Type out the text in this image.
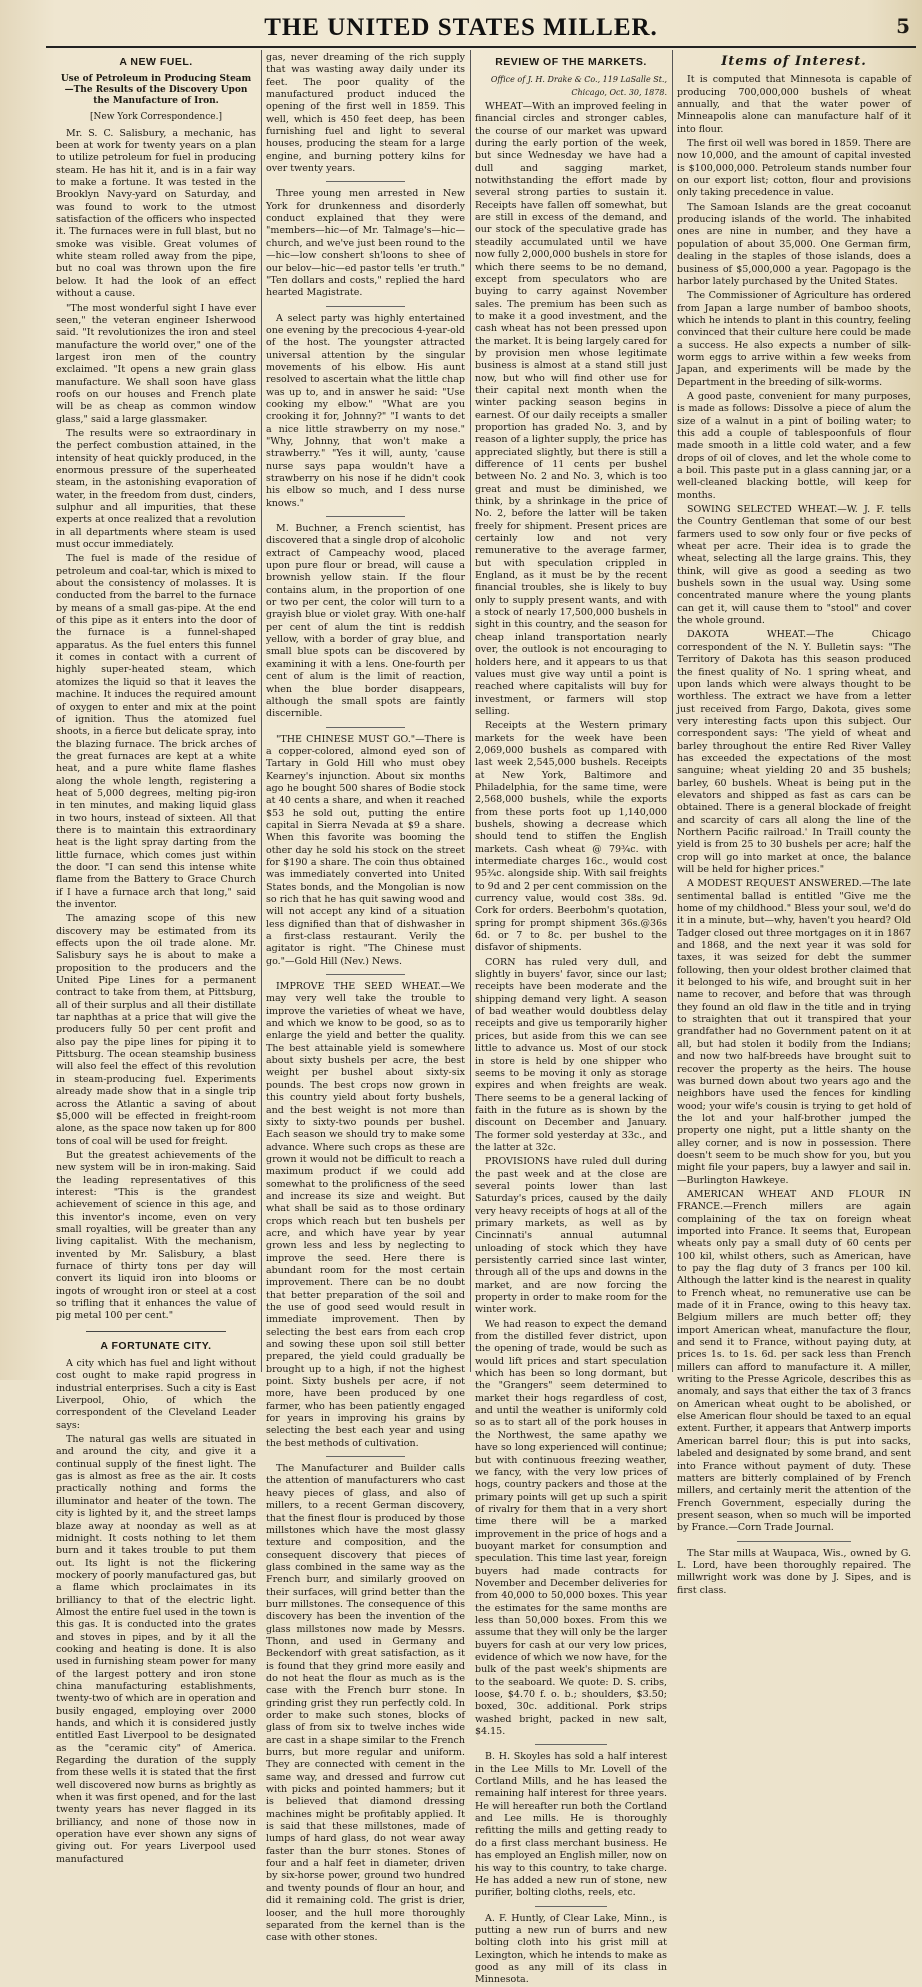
THE UNITED STATES MILLER.	5
A NEW FUEL.
Use of Petroleum in Producing Steam—The Results of the Discovery Upon the Manufacture of Iron.
[New York Correspondence.]

Mr. S. C. Salisbury, a mechanic, has been at work for twenty years on a plan to utilize petroleum for fuel in producing steam. He has hit it, and is in a fair way to make a fortune. It was tested in the Brooklyn Navy-yard on Saturday, and was found to work to the utmost satisfaction of the officers who inspected it. The furnaces were in full blast, but no smoke was visible. Great volumes of white steam rolled away from the pipe, but no coal was thrown upon the fire below. It had the look of an effect without a cause.

"The most wonderful sight I have ever seen," the veteran engineer Isherwood said. "It revolutionizes the iron and steel manufacture the world over," one of the largest iron men of the country exclaimed. "It opens a new grain glass manufacture. We shall soon have glass roofs on our houses and French plate will be as cheap as common window glass," said a large glassmaker.

The results were so extraordinary in the perfect combustion attained, in the intensity of heat quickly produced, in the enormous pressure of the superheated steam, in the astonishing evaporation of water, in the freedom from dust, cinders, sulphur and all impurities, that these experts at once realized that a revolution in all departments where steam is used must occur immediately.

The fuel is made of the residue of petroleum and coal-tar, which is mixed to about the consistency of molasses. It is conducted from the barrel to the furnace by means of a small gas-pipe. At the end of this pipe as it enters into the door of the furnace is a funnel-shaped apparatus. As the fuel enters this funnel it comes in contact with a current of highly super-heated steam, which atomizes the liquid so that it leaves the machine. It induces the required amount of oxygen to enter and mix at the point of ignition. Thus the atomized fuel shoots, in a fierce but delicate spray, into the blazing furnace. The brick arches of the great furnaces are kept at a white heat, and a pure white flame flashes along the whole length, registering a heat of 5,000 degrees, melting pig-iron in ten minutes, and making liquid glass in two hours, instead of sixteen. All that there is to maintain this extraordinary heat is the light spray darting from the little furnace, which comes just within the door. "I can send this intense white flame from the Battery to Grace Church if I have a furnace arch that long," said the inventor.

The amazing scope of this new discovery may be estimated from its effects upon the oil trade alone. Mr. Salisbury says he is about to make a proposition to the producers and the United Pipe Lines for a permanent contract to take from them, at Pittsburg, all of their surplus and all their distillate tar naphthas at a price that will give the producers fully 50 per cent profit and also pay the pipe lines for piping it to Pittsburg. The ocean steamship business will also feel the effect of this revolution in steam-producing fuel. Experiments already made show that in a single trip across the Atlantic a saving of about $5,000 will be effected in freight-room alone, as the space now taken up for 800 tons of coal will be used for freight.

But the greatest achievements of the new system will be in iron-making. Said the leading representatives of this interest: "This is the grandest achievement of science in this age, and this inventor's income, even on very small royalties, will be greater than any living capitalist. With the mechanism, invented by Mr. Salisbury, a blast furnace of thirty tons per day will convert its liquid iron into blooms or ingots of wrought iron or steel at a cost so trifling that it enhances the value of pig metal 100 per cent."

A FORTUNATE CITY.

A city which has fuel and light without cost ought to make rapid progress in industrial enterprises. Such a city is East Liverpool, Ohio, of which the correspondent of the Cleveland Leader says:

The natural gas wells are situated in and around the city, and give it a continual supply of the finest light. The gas is almost as free as the air. It costs practically nothing and forms the illuminator and heater of the town. The city is lighted by it, and the street lamps blaze away at noonday as well as at midnight. It costs nothing to let them burn and it takes trouble to put them out. Its light is not the flickering mockery of poorly manufactured gas, but a flame which proclaimates in its brilliancy to that of the electric light. Almost the entire fuel used in the town is this gas. It is conducted into the grates and stoves in pipes, and by it all the cooking and heating is done. It is also used in furnishing steam power for many of the largest pottery and iron stone china manufacturing establishments, twenty-two of which are in operation and busily engaged, employing over 2000 hands, and which it is considered justly entitled East Liverpool to be designated as the "ceramic city" of America. Regarding the duration of the supply from these wells it is stated that the first well discovered now burns as brightly as when it was first opened, and for the last twenty years has never flagged in its brilliancy, and none of those now in operation have ever shown any signs of giving out. For years Liverpool used manufactured

gas, never dreaming of the rich supply that was wasting away daily under its feet. The poor quality of the manufactured product induced the opening of the first well in 1859. This well, which is 450 feet deep, has been furnishing fuel and light to several houses, producing the steam for a large engine, and burning pottery kilns for over twenty years.

Three young men arrested in New York for drunkenness and disorderly conduct explained that they were "members—hic—of Mr. Talmage's—hic—church, and we've just been round to the—hic—low conshert sh'loons to shee of our belov—hic—ed pastor tells 'er truth." "Ten dollars and costs," replied the hard hearted Magistrate.

A select party was highly entertained one evening by the precocious 4-year-old of the host. The youngster attracted universal attention by the singular movements of his elbow. His aunt resolved to ascertain what the little chap was up to, and in answer he said: "Use cooking my elbow." "What are you crooking it for, Johnny?" "I wants to det a nice little strawberry on my nose." "Why, Johnny, that won't make a strawberry." "Yes it will, aunty, 'cause nurse says papa wouldn't have a strawberry on his nose if he didn't cook his elbow so much, and I dess nurse knows."

M. Buchner, a French scientist, has discovered that a single drop of alcoholic extract of Campeachy wood, placed upon pure flour or bread, will cause a brownish yellow stain. If the flour contains alum, in the proportion of one or two per cent, the color will turn to a grayish blue or violet gray. With one-half per cent of alum the tint is reddish yellow, with a border of gray blue, and small blue spots can be discovered by examining it with a lens. One-fourth per cent of alum is the limit of reaction, when the blue border disappears, although the small spots are faintly discernible.

"THE CHINESE MUST GO."—There is a copper-colored, almond eyed son of Tartary in Gold Hill who must obey Kearney's injunction. About six months ago he bought 500 shares of Bodie stock at 40 cents a share, and when it reached $53 he sold out, putting the entire capital in Sierra Nevada at $9 a share. When this favorite was booming the other day he sold his stock on the street for $190 a share. The coin thus obtained was immediately converted into United States bonds, and the Mongolian is now so rich that he has quit sawing wood and will not accept any kind of a situation less dignified than that of dishwasher in a first-class restaurant. Verily the agitator is right. "The Chinese must go."—Gold Hill (Nev.) News.

IMPROVE THE SEED WHEAT.—We may very well take the trouble to improve the varieties of wheat we have, and which we know to be good, so as to enlarge the yield and better the quality. The best attainable yield is somewhere about sixty bushels per acre, the best weight per bushel about sixty-six pounds. The best crops now grown in this country yield about forty bushels, and the best weight is not more than sixty to sixty-two pounds per bushel. Each season we should try to make some advance. Where such crops as these are grown it would not be difficult to reach a maximum product if we could add somewhat to the prolificness of the seed and increase its size and weight. But what shall be said as to those ordinary crops which reach but ten bushels per acre, and which have year by year grown less and less by neglecting to improve the seed. Here there is abundant room for the most certain improvement. There can be no doubt that better preparation of the soil and the use of good seed would result in immediate improvement. Then by selecting the best ears from each crop and sowing these upon soil still better prepared, the yield could gradually be brought up to a high, if not the highest point. Sixty bushels per acre, if not more, have been produced by one farmer, who has been patiently engaged for years in improving his grains by selecting the best each year and using the best methods of cultivation.

The Manufacturer and Builder calls the attention of manufacturers who cast heavy pieces of glass, and also of millers, to a recent German discovery, that the finest flour is produced by those millstones which have the most glassy texture and composition, and the consequent discovery that pieces of glass combined in the same way as the French burr, and similarly grooved on their surfaces, will grind better than the burr millstones. The consequence of this discovery has been the invention of the glass millstones now made by Messrs. Thonn, and used in Germany and Beckendorf with great satisfaction, as it is found that they grind more easily and do not heat the flour as much as is the case with the French burr stone. In grinding grist they run perfectly cold. In order to make such stones, blocks of glass of from six to twelve inches wide are cast in a shape similar to the French burrs, but more regular and uniform. They are connected with cement in the same way, and dressed and furrow cut with picks and pointed hammers; but it is believed that diamond dressing machines might be profitably applied. It is said that these millstones, made of lumps of hard glass, do not wear away faster than the burr stones. Stones of four and a half feet in diameter, driven by six-horse power, ground two hundred and twenty pounds of flour an hour, and did it remaining cold. The grist is drier, looser, and the hull more thoroughly separated from the kernel than is the case with other stones.

REVIEW OF THE MARKETS.
Office of J. H. Drake & Co., 119 LaSalle St., Chicago, Oct. 30, 1878.

WHEAT—With an improved feeling in financial circles and stronger cables, the course of our market was upward during the early portion of the week, but since Wednesday we have had a dull and sagging market, notwithstanding the effort made by several strong parties to sustain it. Receipts have fallen off somewhat, but are still in excess of the demand, and our stock of the speculative grade has steadily accumulated until we have now fully 2,000,000 bushels in store for which there seems to be no demand, except from speculators who are buying to carry against November sales. The premium has been such as to make it a good investment, and the cash wheat has not been pressed upon the market. It is being largely cared for by provision men whose legitimate business is almost at a stand still just now, but who will find other use for their capital next month when the winter packing season begins in earnest. Of our daily receipts a smaller proportion has graded No. 3, and by reason of a lighter supply, the price has appreciated slightly, but there is still a difference of 11 cents per bushel between No. 2 and No. 3, which is too great and must be diminished, we think, by a shrinkage in the price of No. 2, before the latter will be taken freely for shipment. Present prices are certainly low and not very remunerative to the average farmer, but with speculation crippled in England, as it must be by the recent financial troubles, she is likely to buy only to supply present wants, and with a stock of nearly 17,500,000 bushels in sight in this country, and the season for cheap inland transportation nearly over, the outlook is not encouraging to holders here, and it appears to us that values must give way until a point is reached where capitalists will buy for investment, or farmers will stop selling.

Receipts at the Western primary markets for the week have been 2,069,000 bushels as compared with last week 2,545,000 bushels. Receipts at New York, Baltimore and Philadelphia, for the same time, were 2,568,000 bushels, while the exports from these ports foot up 1,140,000 bushels, showing a decrease which should tend to stiffen the English markets. Cash wheat @ 79¾c. with intermediate charges 16c., would cost 95¾c. alongside ship. With sail freights to 9d and 2 per cent commission on the currency value, would cost 38s. 9d. Cork for orders. Beerbohm's quotation, spring for prompt shipment 36s.@36s 6d. or 7 to 8c. per bushel to the disfavor of shipments.

CORN has ruled very dull, and slightly in buyers' favor, since our last; receipts have been moderate and the shipping demand very light. A season of bad weather would doubtless delay receipts and give us temporarily higher prices, but aside from this we can see little to advance us. Most of our stock in store is held by one shipper who seems to be moving it only as storage expires and when freights are weak. There seems to be a general lacking of faith in the future as is shown by the discount on December and January. The former sold yesterday at 33c., and the latter at 32c.

PROVISIONS have ruled dull during the past week and at the close are several points lower than last Saturday's prices, caused by the daily very heavy receipts of hogs at all of the primary markets, as well as by Cincinnati's annual autumnal unloading of stock which they have persistently carried since last winter, through all of the ups and downs in the market, and are now forcing the property in order to make room for the winter work.

We had reason to expect the demand from the distilled fever district, upon the opening of trade, would be such as would lift prices and start speculation which has been so long dormant, but the "Grangers" seem determined to market their hogs regardless of cost, and until the weather is uniformly cold so as to start all of the pork houses in the Northwest, the same apathy we have so long experienced will continue; but with continuous freezing weather, we fancy, with the very low prices of hogs, country packers and those at the primary points will get up such a spirit of rivalry for them that in a very short time there will be a marked improvement in the price of hogs and a buoyant market for consumption and speculation. This time last year, foreign buyers had made contracts for November and December deliveries for from 40,000 to 50,000 boxes. This year the estimates for the same months are less than 50,000 boxes. From this we assume that they will only be the larger buyers for cash at our very low prices, evidence of which we now have, for the bulk of the past week's shipments are to the seaboard. We quote: D. S. cribs, loose, $4.70 f. o. b.; shoulders, $3.50; boxed, 30c. additional. Pork strips washed bright, packed in new salt, $4.15.

B. H. Skoyles has sold a half interest in the Lee Mills to Mr. Lovell of the Cortland Mills, and he has leased the remaining half interest for three years. He will hereafter run both the Cortland and Lee mills. He is thoroughly refitting the mills and getting ready to do a first class merchant business. He has employed an English miller, now on his way to this country, to take charge. He has added a new run of stone, new purifier, bolting cloths, reels, etc.

A. F. Huntly, of Clear Lake, Minn., is putting a new run of burrs and new bolting cloth into his grist mill at Lexington, which he intends to make as good as any mill of its class in Minnesota.

Items of Interest.

It is computed that Minnesota is capable of producing 700,000,000 bushels of wheat annually, and that the water power of Minneapolis alone can manufacture half of it into flour.

The first oil well was bored in 1859. There are now 10,000, and the amount of capital invested is $100,000,000. Petroleum stands number four on our export list; cotton, flour and provisions only taking precedence in value.

The Samoan Islands are the great cocoanut producing islands of the world. The inhabited ones are nine in number, and they have a population of about 35,000. One German firm, dealing in the staples of those islands, does a business of $5,000,000 a year. Pagopago is the harbor lately purchased by the United States.

The Commissioner of Agriculture has ordered from Japan a large number of bamboo shoots, which he intends to plant in this country, feeling convinced that their culture here could be made a success. He also expects a number of silk-worm eggs to arrive within a few weeks from Japan, and experiments will be made by the Department in the breeding of silk-worms.

A good paste, convenient for many purposes, is made as follows: Dissolve a piece of alum the size of a walnut in a pint of boiling water; to this add a couple of tablespoonfuls of flour made smooth in a little cold water, and a few drops of oil of cloves, and let the whole come to a boil. This paste put in a glass canning jar, or a well-cleaned blacking bottle, will keep for months.

SOWING SELECTED WHEAT.—W. J. F. tells the Country Gentleman that some of our best farmers used to sow only four or five pecks of wheat per acre. Their idea is to grade the wheat, selecting all the large grains. This, they think, will give as good a seeding as two bushels sown in the usual way. Using some concentrated manure where the young plants can get it, will cause them to "stool" and cover the whole ground.

DAKOTA WHEAT.—The Chicago correspondent of the N. Y. Bulletin says: "The Territory of Dakota has this season produced the finest quality of No. 1 spring wheat, and upon lands which were always thought to be worthless. The extract we have from a letter just received from Fargo, Dakota, gives some very interesting facts upon this subject. Our correspondent says: 'The yield of wheat and barley throughout the entire Red River Valley has exceeded the expectations of the most sanguine; wheat yielding 20 and 35 bushels; barley, 60 bushels. Wheat is being put in the elevators and shipped as fast as cars can be obtained. There is a general blockade of freight and scarcity of cars all along the line of the Northern Pacific railroad.' In Traill county the yield is from 25 to 30 bushels per acre; half the crop will go into market at once, the balance will be held for higher prices."

A MODEST REQUEST ANSWERED.—The late sentimental ballad is entitled "Give me the home of my childhood." Bless your soul, we'd do it in a minute, but—why, haven't you heard? Old Tadger closed out three mortgages on it in 1867 and 1868, and the next year it was sold for taxes, it was seized for debt the summer following, then your oldest brother claimed that it belonged to his wife, and brought suit in her name to recover, and before that was through they found an old flaw in the title and in trying to straighten that out it transpired that your grandfather had no Government patent on it at all, but had stolen it bodily from the Indians; and now two half-breeds have brought suit to recover the property as the heirs. The house was burned down about two years ago and the neighbors have used the fences for kindling wood; your wife's cousin is trying to get hold of the lot and your half-brother jumped the property one night, put a little shanty on the alley corner, and is now in possession. There doesn't seem to be much show for you, but you might file your papers, buy a lawyer and sail in. —Burlington Hawkeye.

AMERICAN WHEAT AND FLOUR IN FRANCE.—French millers are again complaining of the tax on foreign wheat imported into France. It seems that, European wheats only pay a small duty of 60 cents per 100 kil, whilst others, such as American, have to pay the flag duty of 3 francs per 100 kil. Although the latter kind is the nearest in quality to French wheat, no remunerative use can be made of it in France, owing to this heavy tax. Belgium millers are much better off; they import American wheat, manufacture the flour, and send it to France, without paying duty, at prices 1s. to 1s. 6d. per sack less than French millers can afford to manufacture it. A miller, writing to the Presse Agricole, describes this as anomaly, and says that either the tax of 3 francs on American wheat ought to be abolished, or else American flour should be taxed to an equal extent. Further, it appears that Antwerp imports American barrel flour; this is put into sacks, labeled and designated by some brand, and sent into France without payment of duty. These matters are bitterly complained of by French millers, and certainly merit the attention of the French Government, especially during the present season, when so much will be imported by France.—Corn Trade Journal.

The Star mills at Waupaca, Wis., owned by G. L. Lord, have been thoroughly repaired. The millwright work was done by J. Sipes, and is first class.
